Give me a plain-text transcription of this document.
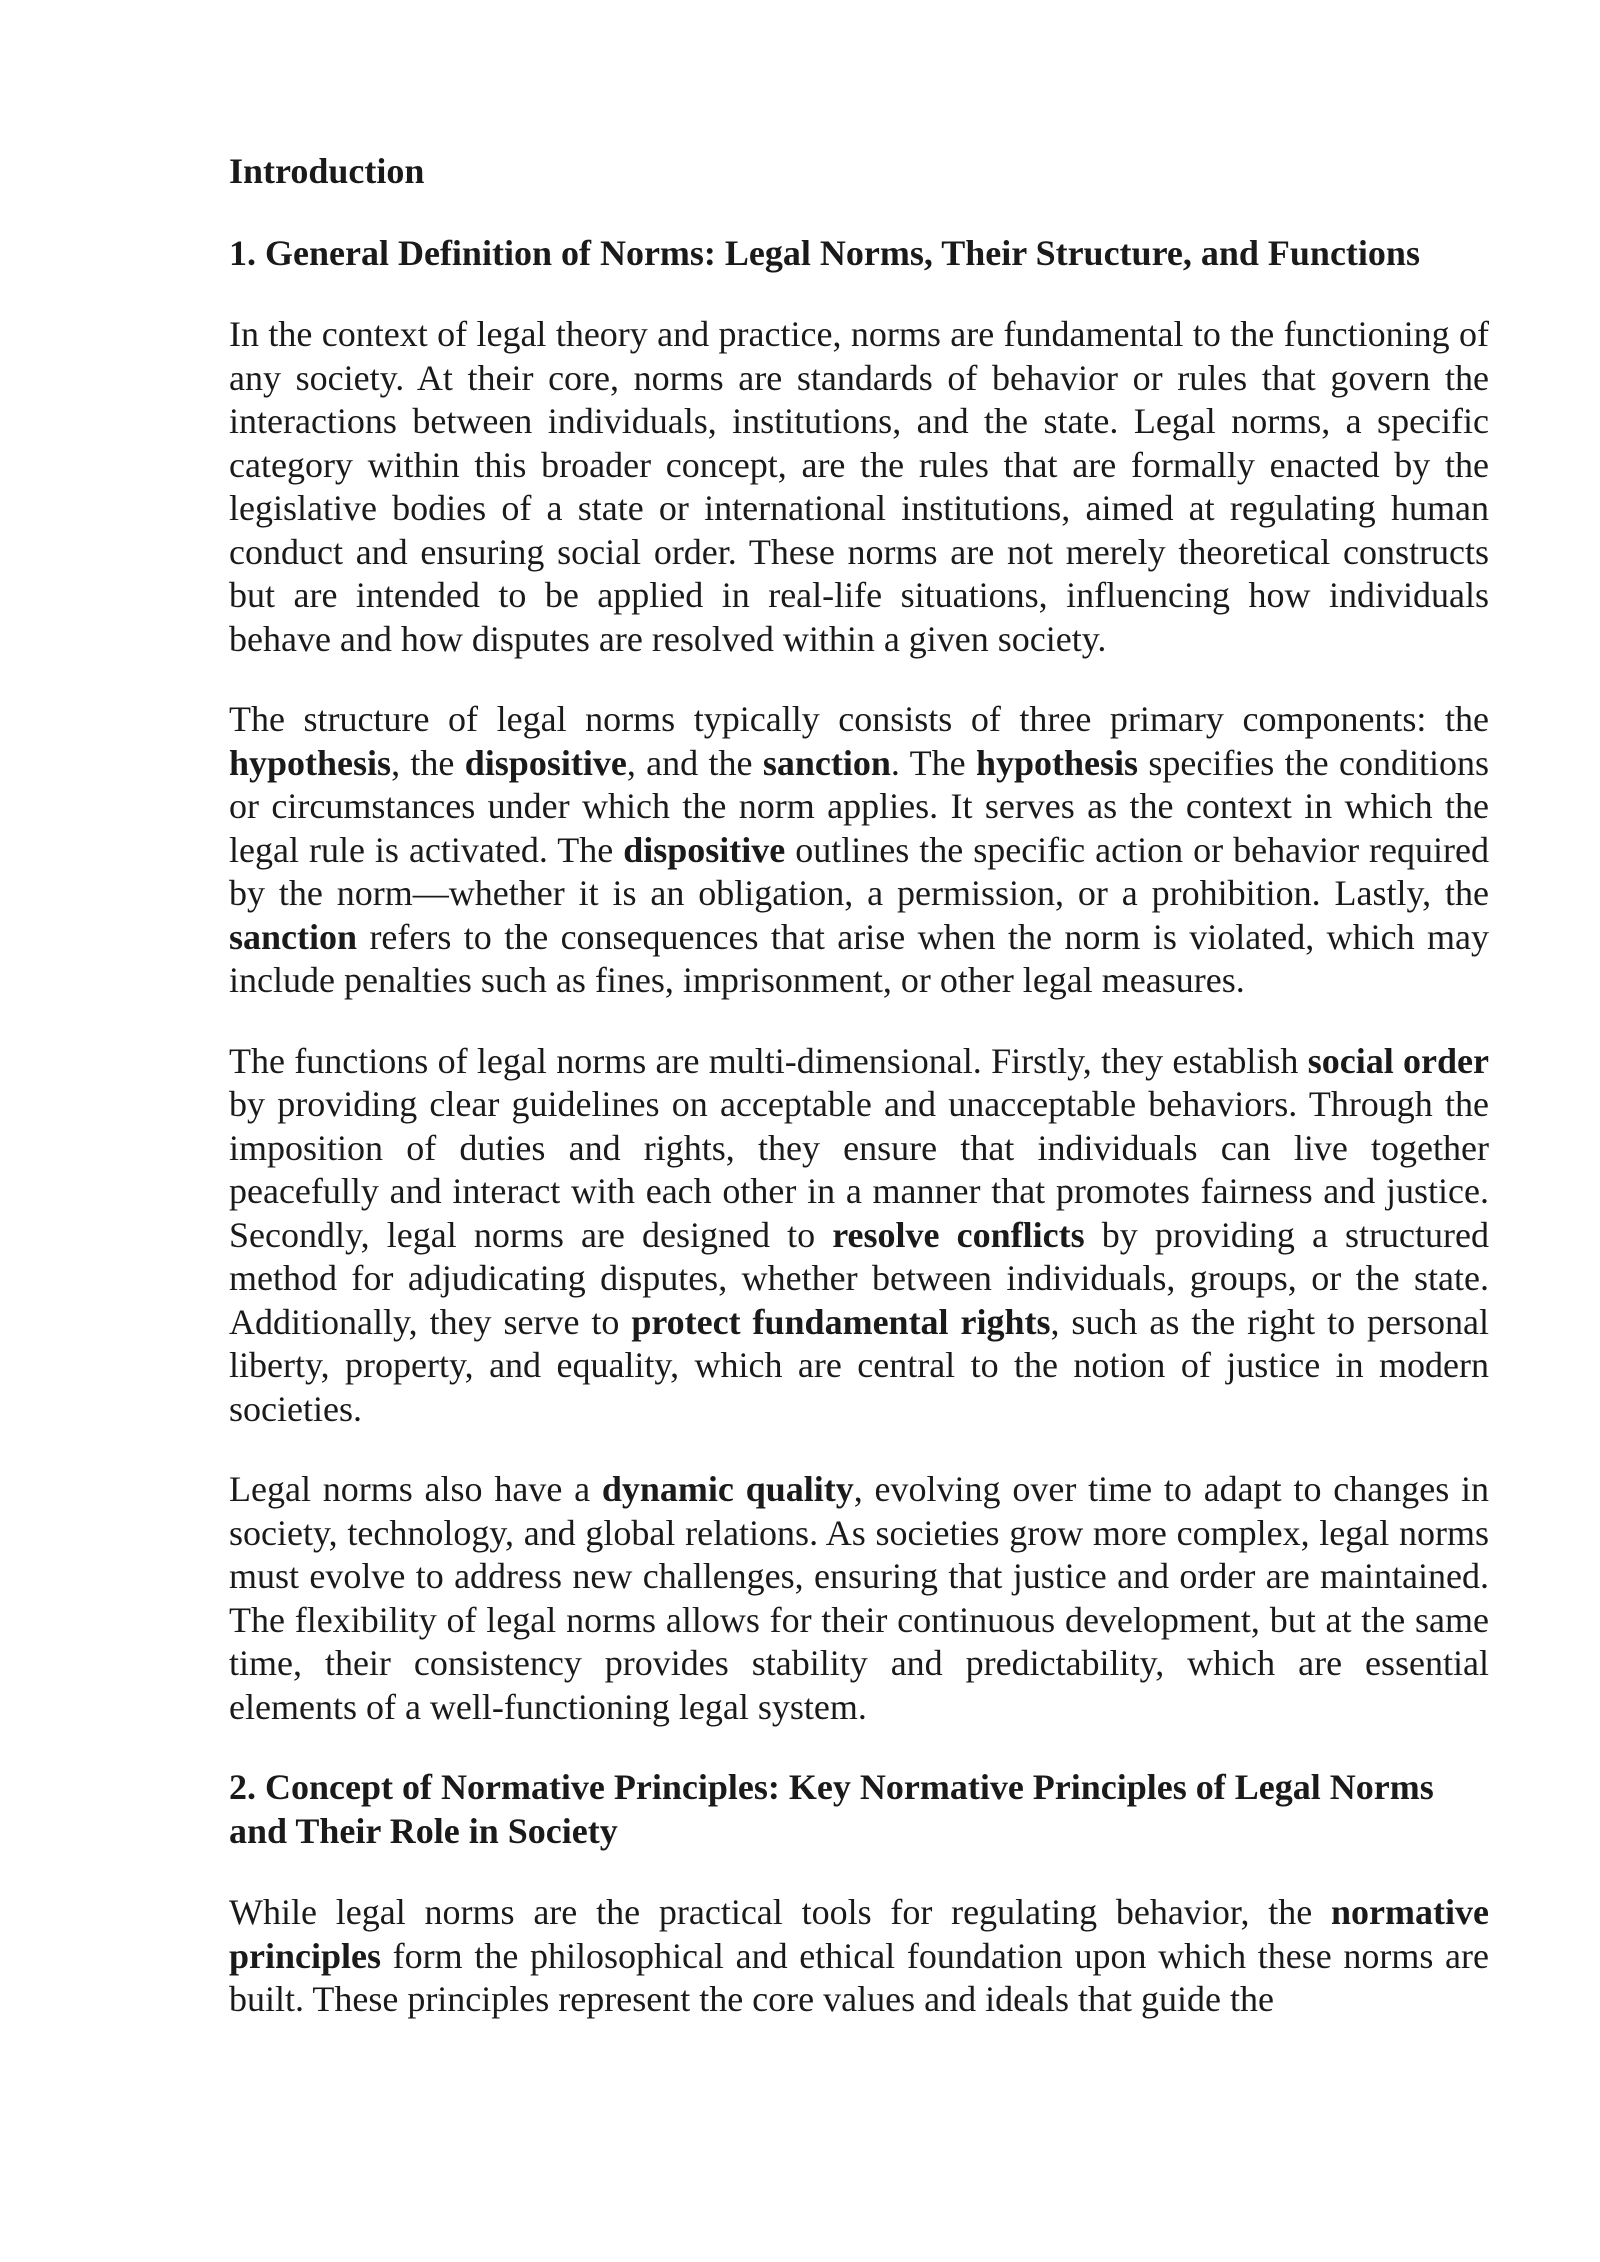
Introduction
1. General Definition of Norms: Legal Norms, Their Structure, and Functions

In the context of legal theory and practice, norms are fundamental to the functioning of any society. At their core, norms are standards of behavior or rules that govern the interactions between individuals, institutions, and the state. Legal norms, a specific category within this broader concept, are the rules that are formally enacted by the legislative bodies of a state or international institutions, aimed at regulating human conduct and ensuring social order. These norms are not merely theoretical constructs but are intended to be applied in real-life situations, influencing how individuals behave and how disputes are resolved within a given society.

The structure of legal norms typically consists of three primary components: the hypothesis, the dispositive, and the sanction. The hypothesis specifies the conditions or circumstances under which the norm applies. It serves as the context in which the legal rule is activated. The dispositive outlines the specific action or behavior required by the norm—whether it is an obligation, a permission, or a prohibition. Lastly, the sanction refers to the consequences that arise when the norm is violated, which may include penalties such as fines, imprisonment, or other legal measures.

The functions of legal norms are multi-dimensional. Firstly, they establish social order by providing clear guidelines on acceptable and unacceptable behaviors. Through the imposition of duties and rights, they ensure that individuals can live together peacefully and interact with each other in a manner that promotes fairness and justice. Secondly, legal norms are designed to resolve conflicts by providing a structured method for adjudicating disputes, whether between individuals, groups, or the state. Additionally, they serve to protect fundamental rights, such as the right to personal liberty, property, and equality, which are central to the notion of justice in modern societies.

Legal norms also have a dynamic quality, evolving over time to adapt to changes in society, technology, and global relations. As societies grow more complex, legal norms must evolve to address new challenges, ensuring that justice and order are maintained. The flexibility of legal norms allows for their continuous development, but at the same time, their consistency provides stability and predictability, which are essential elements of a well-functioning legal system.

2. Concept of Normative Principles: Key Normative Principles of Legal Norms and Their Role in Society

While legal norms are the practical tools for regulating behavior, the normative principles form the philosophical and ethical foundation upon which these norms are built. These principles represent the core values and ideals that guide the
